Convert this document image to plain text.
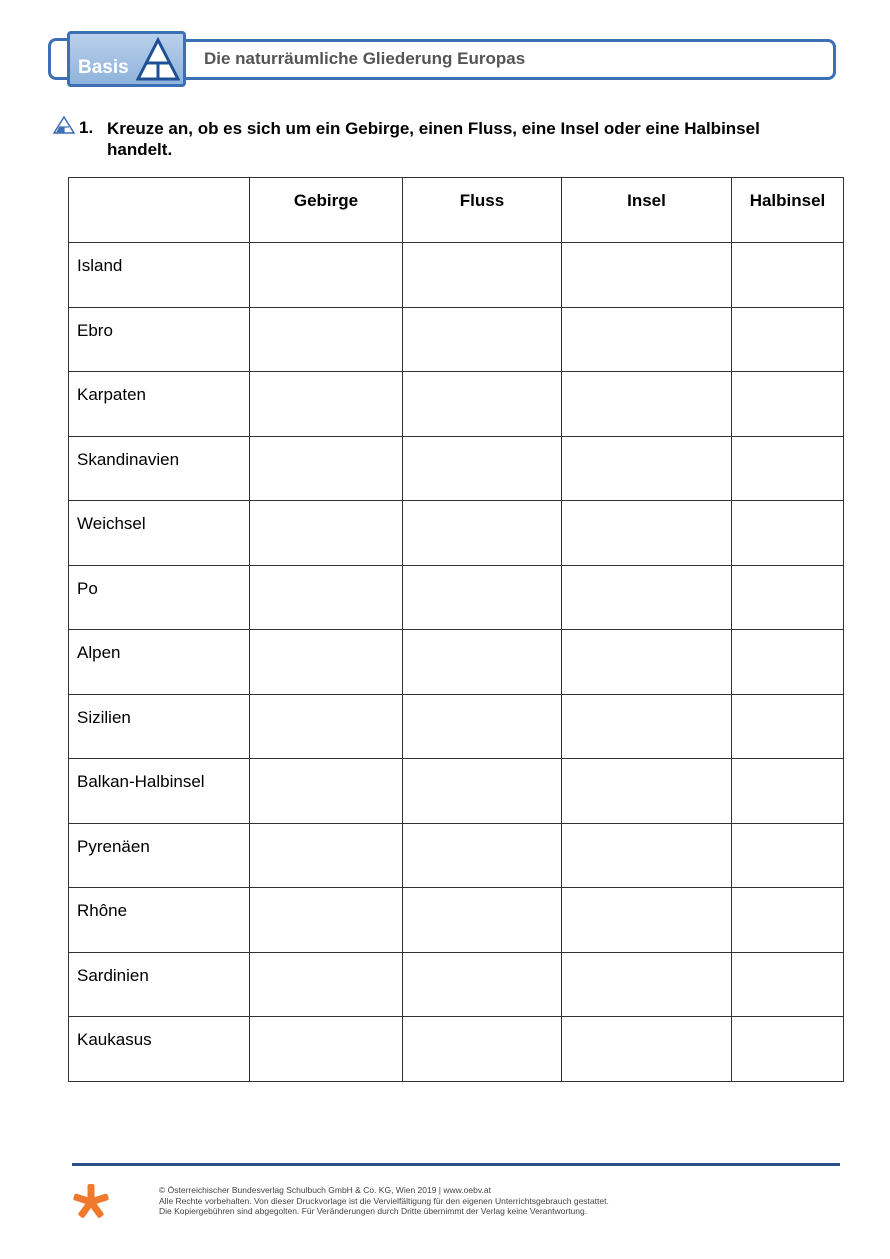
Basis	Die naturräumliche Gliederung Europas
1. Kreuze an, ob es sich um ein Gebirge, einen Fluss, eine Insel oder eine Halbinsel handelt.
	Gebirge	Fluss	Insel	Halbinsel
Island				
Ebro				
Karpaten				
Skandinavien				
Weichsel				
Po				
Alpen				
Sizilien				
Balkan-Halbinsel				
Pyrenäen				
Rhône				
Sardinien				
Kaukasus				
© Österreichischer Bundesverlag Schulbuch GmbH & Co. KG, Wien 2019 | www.oebv.at
Alle Rechte vorbehalten. Von dieser Druckvorlage ist die Vervielfältigung für den eigenen Unterrichtsgebrauch gestattet.
Die Kopiergebühren sind abgegolten. Für Veränderungen durch Dritte übernimmt der Verlag keine Verantwortung.
